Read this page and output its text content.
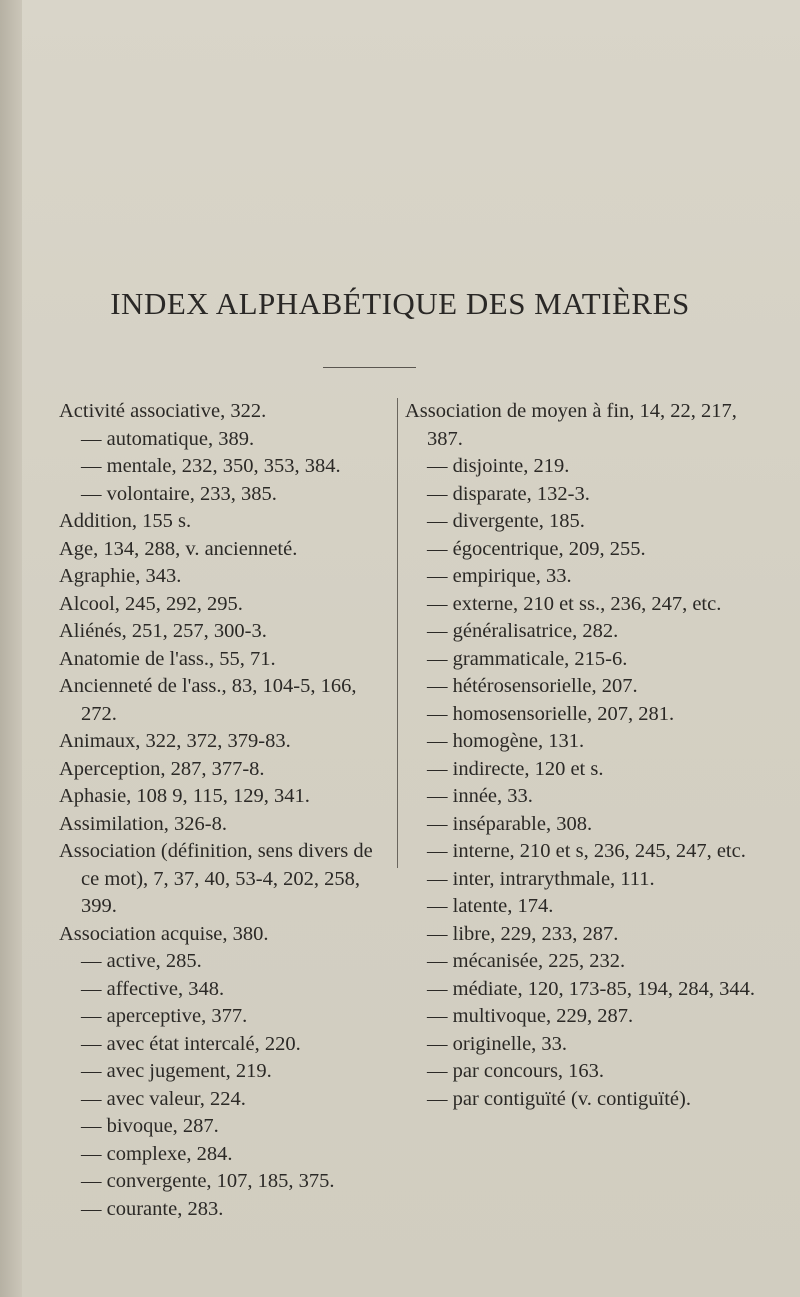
INDEX ALPHABÉTIQUE DES MATIÈRES
Activité associative, 322.
— automatique, 389.
— mentale, 232, 350, 353, 384.
— volontaire, 233, 385.
Addition, 155 s.
Age, 134, 288, v. ancienneté.
Agraphie, 343.
Alcool, 245, 292, 295.
Aliénés, 251, 257, 300-3.
Anatomie de l'ass., 55, 71.
Ancienneté de l'ass., 83, 104-5, 166, 272.
Animaux, 322, 372, 379-83.
Aperception, 287, 377-8.
Aphasie, 108 9, 115, 129, 341.
Assimilation, 326-8.
Association (définition, sens divers de ce mot), 7, 37, 40, 53-4, 202, 258, 399.
Association acquise, 380.
— active, 285.
— affective, 348.
— aperceptive, 377.
— avec état intercalé, 220.
— avec jugement, 219.
— avec valeur, 224.
— bivoque, 287.
— complexe, 284.
— convergente, 107, 185, 375.
— courante, 283.
Association de moyen à fin, 14, 22, 217, 387.
— disjointe, 219.
— disparate, 132-3.
— divergente, 185.
— égocentrique, 209, 255.
— empirique, 33.
— externe, 210 et ss., 236, 247, etc.
— généralisatrice, 282.
— grammaticale, 215-6.
— hétérosensorielle, 207.
— homosensorielle, 207, 281.
— homogène, 131.
— indirecte, 120 et s.
— innée, 33.
— inséparable, 308.
— interne, 210 et s, 236, 245, 247, etc.
— inter, intrarythmale, 111.
— latente, 174.
— libre, 229, 233, 287.
— mécanisée, 225, 232.
— médiate, 120, 173-85, 194, 284, 344.
— multivoque, 229, 287.
— originelle, 33.
— par concours, 163.
— par contiguïté (v. contiguïté).
